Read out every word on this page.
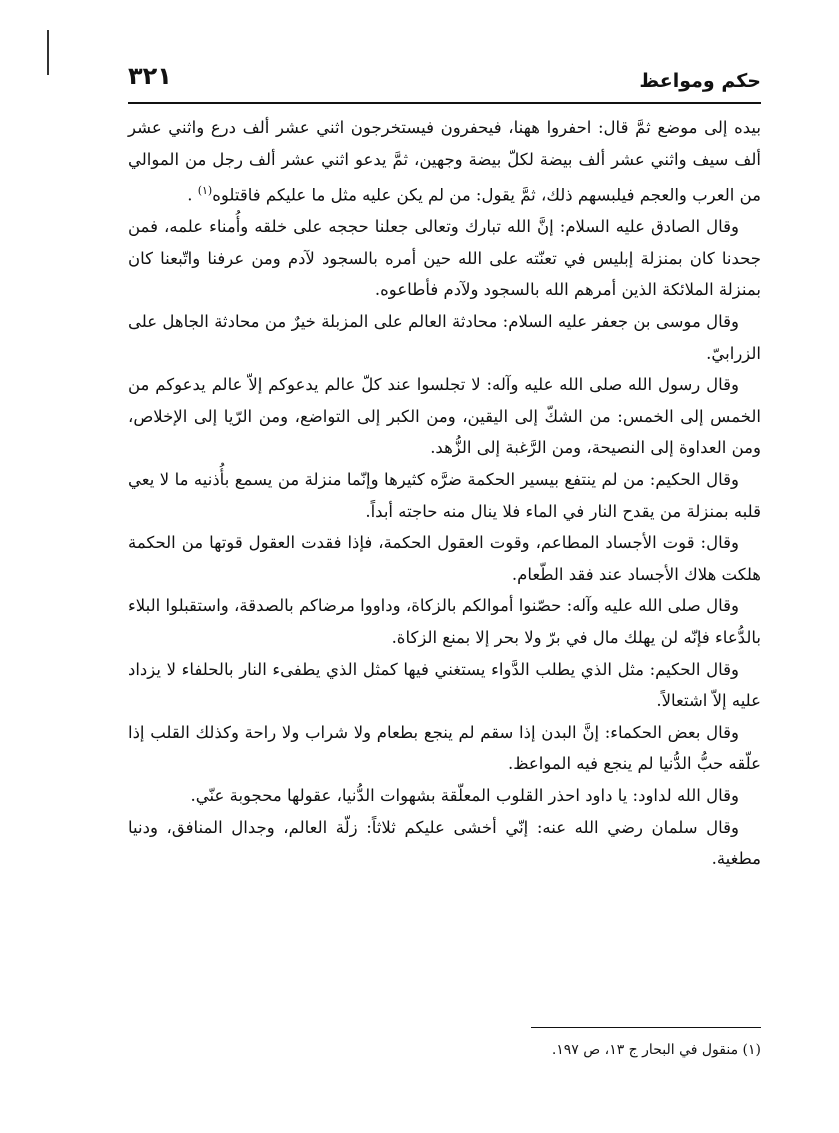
حكم ومواعظ
٣٢١

بيده إلى موضع ثمَّ قال: احفروا ههنا، فيحفرون فيستخرجون اثني عشر ألف درع واثني عشر ألف سيف واثني عشر ألف بيضة لكلّ بيضة وجهين، ثمَّ يدعو اثني عشر ألف رجل من الموالي من العرب والعجم فيلبسهم ذلك، ثمَّ يقول: من لم يكن عليه مثل ما عليكم فاقتلوه$^{(١)}$ .

وقال الصادق عليه السلام: إنَّ الله تبارك وتعالى جعلنا حججه على خلقه وأُمناء علمه، فمن جحدنا كان بمنزلة إبليس في تعنّته على الله حين أمره بالسجود لآدم ومن عرفنا واتّبعنا كان بمنزلة الملائكة الذين أمرهم الله بالسجود ولآدم فأطاعوه.

وقال موسى بن جعفر عليه السلام: محادثة العالم على المزبلة خيرٌ من محادثة الجاهل على الزرابيّ.

وقال رسول الله صلى الله عليه وآله: لا تجلسوا عند كلّ عالم يدعوكم إلاّ عالم يدعوكم من الخمس إلى الخمس: من الشكّ إلى اليقين، ومن الكبر إلى التواضع، ومن الرّيا إلى الإخلاص، ومن العداوة إلى النصيحة، ومن الرَّغبة إلى الزُّهد.

وقال الحكيم: من لم ينتفع بيسير الحكمة ضرَّه كثيرها وإنّما منزلة من يسمع بأُذنيه ما لا يعي قلبه بمنزلة من يقدح النار في الماء فلا ينال منه حاجته أبداً.

وقال: قوت الأجساد المطاعم، وقوت العقول الحكمة، فإذا فقدت العقول قوتها من الحكمة هلكت هلاك الأجساد عند فقد الطّعام.

وقال صلى الله عليه وآله: حصّنوا أموالكم بالزكاة، وداووا مرضاكم بالصدقة، واستقبلوا البلاء بالدُّعاء فإنّه لن يهلك مال في برّ ولا بحر إلا بمنع الزكاة.

وقال الحكيم: مثل الذي يطلب الدَّواء يستغني فيها كمثل الذي يطفىء النار بالحلفاء لا يزداد عليه إلاّ اشتعالاً.

وقال بعض الحكماء: إنَّ البدن إذا سقم لم ينجع بطعام ولا شراب ولا راحة وكذلك القلب إذا علّقه حبُّ الدُّنيا لم ينجع فيه المواعظ.

وقال الله لداود: يا داود احذر القلوب المعلّقة بشهوات الدُّنيا، عقولها محجوبة عنّي.

وقال سلمان رضي الله عنه: إنّي أخشى عليكم ثلاثاً: زلّة العالم، وجدال المنافق، ودنيا مطغية.

(١) منقول في البحار ج ١٣، ص ١٩٧.
